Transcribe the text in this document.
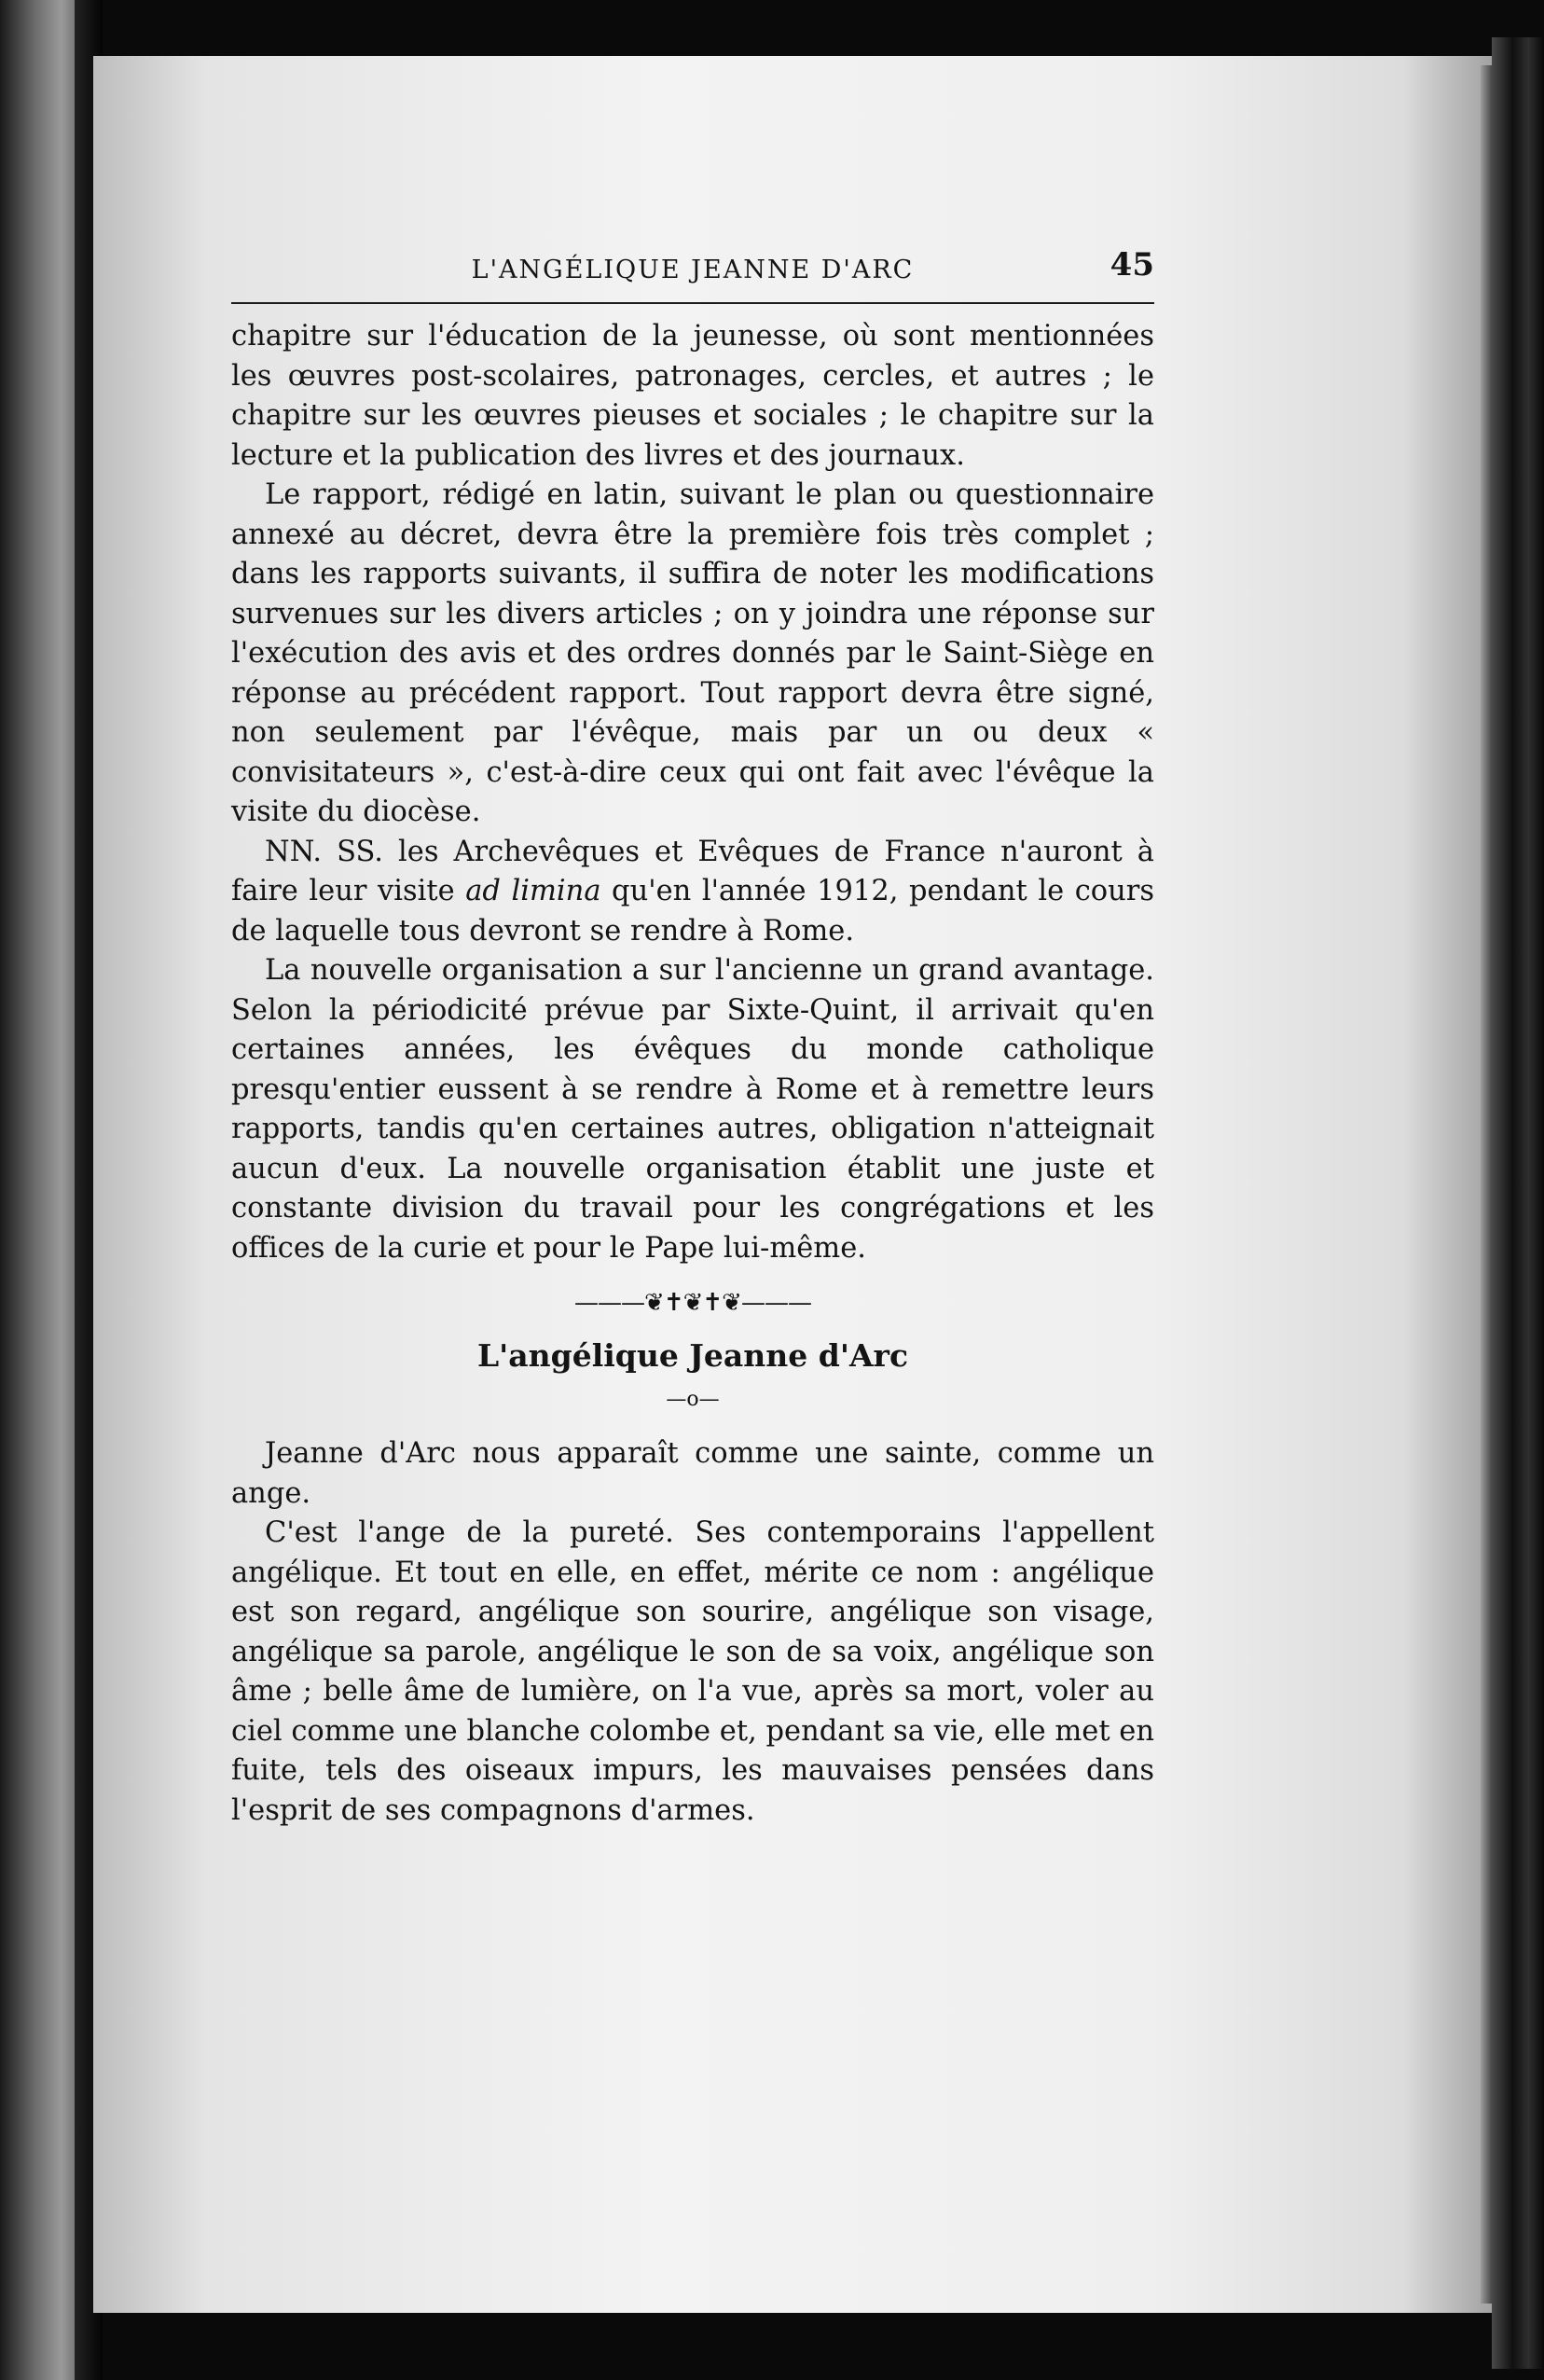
L'ANGÉLIQUE JEANNE D'ARC	45

chapitre sur l'éducation de la jeunesse, où sont mentionnées les œuvres post-scolaires, patronages, cercles, et autres ; le chapitre sur les œuvres pieuses et sociales ; le chapitre sur la lecture et la publication des livres et des journaux.

Le rapport, rédigé en latin, suivant le plan ou questionnaire annexé au décret, devra être la première fois très complet ; dans les rapports suivants, il suffira de noter les modifications survenues sur les divers articles ; on y joindra une réponse sur l'exécution des avis et des ordres donnés par le Saint-Siège en réponse au précédent rapport. Tout rapport devra être signé, non seulement par l'évêque, mais par un ou deux « convisitateurs », c'est-à-dire ceux qui ont fait avec l'évêque la visite du diocèse.

NN. SS. les Archevêques et Evêques de France n'auront à faire leur visite ad limina qu'en l'année 1912, pendant le cours de laquelle tous devront se rendre à Rome.

La nouvelle organisation a sur l'ancienne un grand avantage. Selon la périodicité prévue par Sixte-Quint, il arrivait qu'en certaines années, les évêques du monde catholique presqu'entier eussent à se rendre à Rome et à remettre leurs rapports, tandis qu'en certaines autres, obligation n'atteignait aucun d'eux. La nouvelle organisation établit une juste et constante division du travail pour les congrégations et les offices de la curie et pour le Pape lui-même.

———❦✝❦✝❦———
L'angélique Jeanne d'Arc
—o—

Jeanne d'Arc nous apparaît comme une sainte, comme un ange.

C'est l'ange de la pureté. Ses contemporains l'appellent angélique. Et tout en elle, en effet, mérite ce nom : angélique est son regard, angélique son sourire, angélique son visage, angélique sa parole, angélique le son de sa voix, angélique son âme ; belle âme de lumière, on l'a vue, après sa mort, voler au ciel comme une blanche colombe et, pendant sa vie, elle met en fuite, tels des oiseaux impurs, les mauvaises pensées dans l'esprit de ses compagnons d'armes.
